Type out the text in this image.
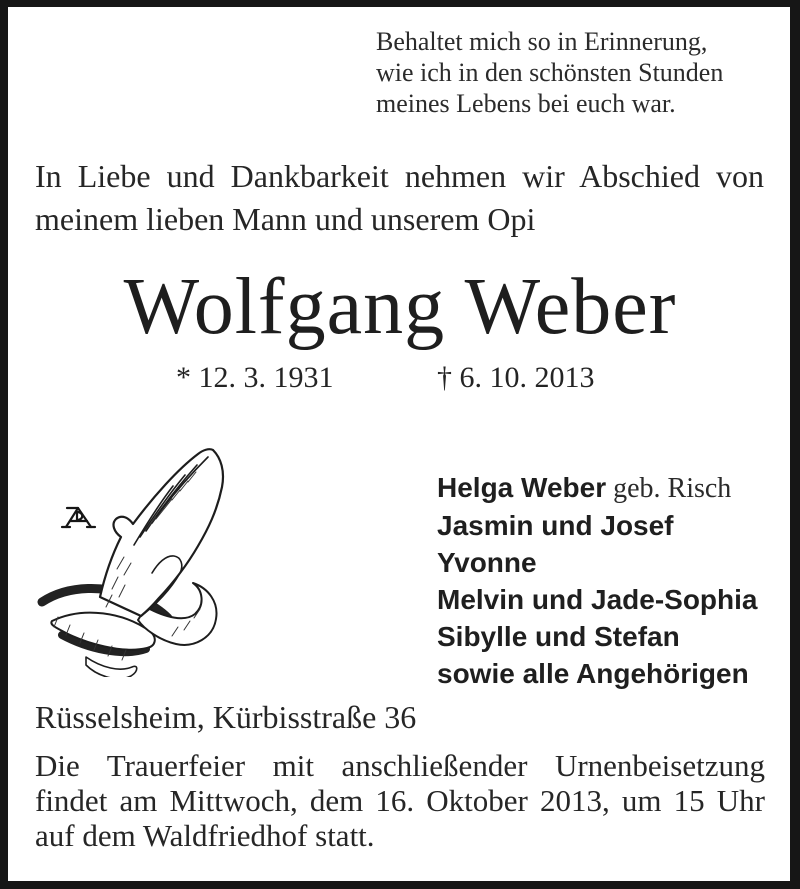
Behaltet mich so in Erinnerung,
wie ich in den schönsten Stunden
meines Lebens bei euch war.
In Liebe und Dankbarkeit nehmen wir Abschied von
meinem lieben Mann und unserem Opi
Wolfgang Weber
* 12. 3. 1931	† 6. 10. 2013
Helga Weber geb. Risch
Jasmin und Josef
Yvonne
Melvin und Jade-Sophia
Sibylle und Stefan
sowie alle Angehörigen
Rüsselsheim, Kürbisstraße 36
Die Trauerfeier mit anschließender Urnenbeisetzung
findet am Mittwoch, dem 16. Oktober 2013, um 15 Uhr
auf dem Waldfriedhof statt.
